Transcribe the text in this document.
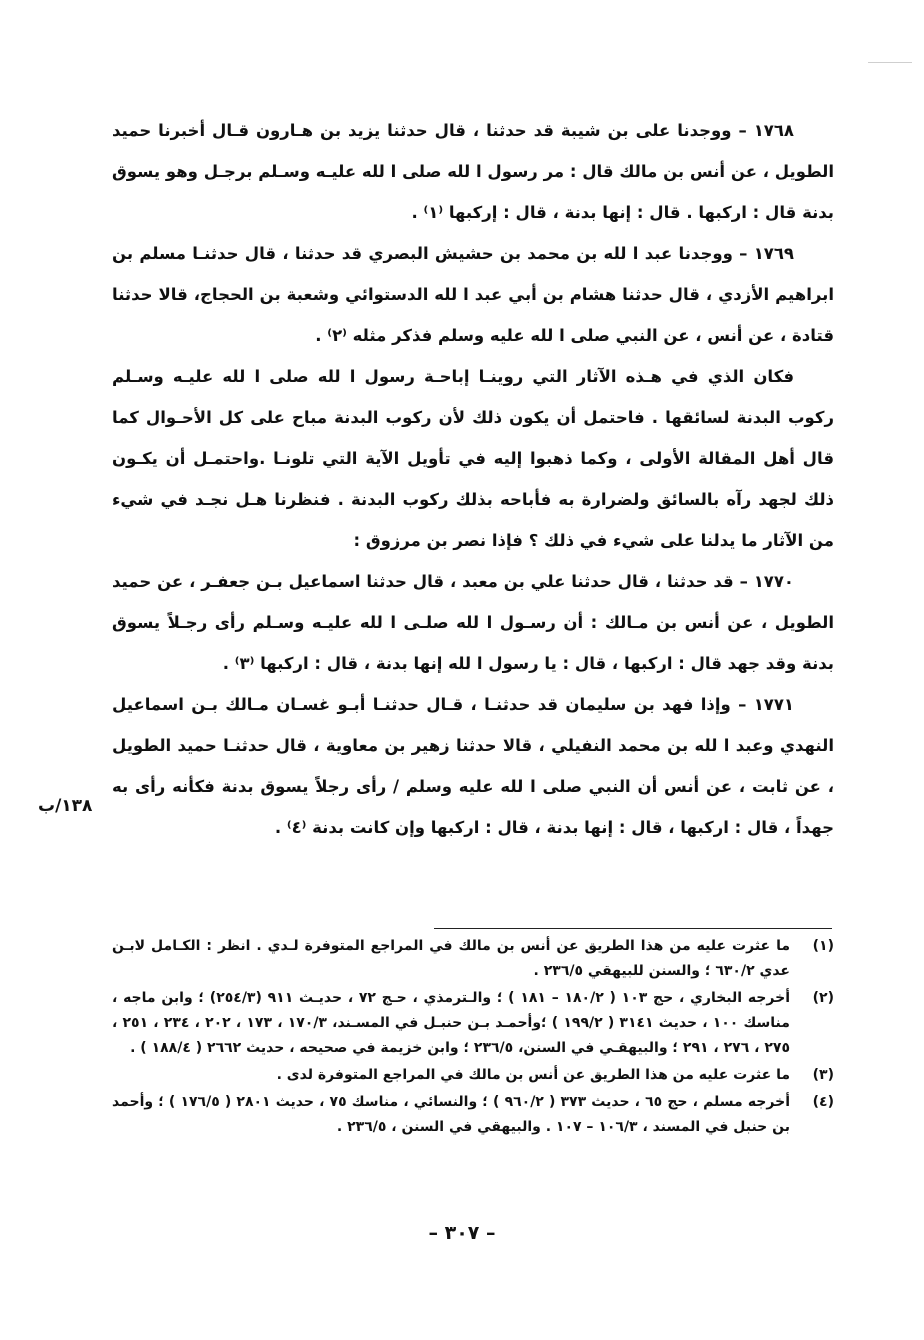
١٧٦٨ – ووجدنا على بن شيبة قد حدثنا ، قال حدثنا يزيد بن هـارون قـال أخبرنا حميد الطويل ، عن أنس بن مالك قال : مر رسول ا لله صلى ا لله عليـه وسـلم برجـل وهو يسوق بدنة قال : اركبها . قال : إنها بدنة ، قال : إركبها ⁽١⁾ .

١٧٦٩ – ووجدنا عبد ا لله بن محمد بن حشيش البصري قد حدثنا ، قال حدثنـا مسلم بن ابراهيم الأزدي ، قال حدثنا هشام بن أبي عبد ا لله الدستوائي وشعبة بن الحجاج، قالا حدثنا قتادة ، عن أنس ، عن النبي صلى ا لله عليه وسلم فذكر مثله ⁽٢⁾ .

فكان الذي في هـذه الآثار التي روينـا إباحـة رسول ا لله صلى ا لله عليـه وسـلم ركوب البدنة لسائقها . فاحتمل أن يكون ذلك لأن ركوب البدنة مباح على كل الأحـوال كما قال أهل المقالة الأولى ، وكما ذهبوا إليه في تأويل الآية التي تلونـا .واحتمـل أن يكـون ذلك لجهد رآه بالسائق ولضرارة به فأباحه بذلك ركوب البدنة . فنظرنا هـل نجـد في شيء من الآثار ما يدلنا على شيء في ذلك ؟ فإذا نصر بن مرزوق :

١٧٧٠ – قد حدثنا ، قال حدثنا علي بن معبد ، قال حدثنا اسماعيل بـن جعفـر ، عن حميد الطويل ، عن أنس بن مـالك : أن رسـول ا لله صلـى ا لله عليـه وسـلم رأى رجـلاً يسوق بدنة وقد جهد قال : اركبها ، قال : يا رسول ا لله إنها بدنة ، قال : اركبها ⁽٣⁾ .

١٧٧١ – وإذا فهد بن سليمان قد حدثنـا ، قـال حدثنـا أبـو غسـان مـالك بـن اسماعيل النهدي وعبد ا لله بن محمد النفيلي ، قالا حدثنا زهير بن معاوية ، قال حدثنـا حميد الطويل ، عن ثابت ، عن أنس أن النبي صلى ا لله عليه وسلم / رأى رجلاً يسوق بدنة فكأنه رأى به جهداً ، قال : اركبها ، قال : إنها بدنة ، قال : اركبها وإن كانت بدنة ⁽٤⁾ .

١٣٨/ب
(١)
ما عثرت عليه من هذا الطريق عن أنس بن مالك في المراجع المتوفرة لـدي . انظر : الكـامل لابـن عدي ٦٣٠/٢ ؛ والسنن للبيهقي ٢٣٦/٥ .
(٢)
أخرجه البخاري ، حج ١٠٣ ( ١٨٠/٢ – ١٨١ ) ؛ والـترمذي ، حـج ٧٢ ، حديـث ٩١١ (٢٥٤/٣) ؛ وابن ماجه ، مناسك ١٠٠ ، حديث ٣١٤١ ( ١٩٩/٢ ) ؛وأحمـد بـن حنبـل في المسـند، ١٧٠/٣ ، ١٧٣ ، ٢٠٢ ، ٢٣٤ ، ٢٥١ ، ٢٧٥ ، ٢٧٦ ، ٢٩١ ؛ والبيهقـي في السنن، ٢٣٦/٥ ؛ وابن خزيمة في صحيحه ، حديث ٢٦٦٢ ( ١٨٨/٤ ) .
(٣)
ما عثرت عليه من هذا الطريق عن أنس بن مالك في المراجع المتوفرة لدى .
(٤)
أخرجه مسلم ، حج ٦٥ ، حديث ٣٧٣ ( ٩٦٠/٢ ) ؛ والنسائي ، مناسك ٧٥ ، حديث ٢٨٠١ ( ١٧٦/٥ ) ؛ وأحمد بن حنبل في المسند ، ١٠٦/٣ – ١٠٧ . والبيهقي في السنن ، ٢٣٦/٥ .
– ٣٠٧ –
